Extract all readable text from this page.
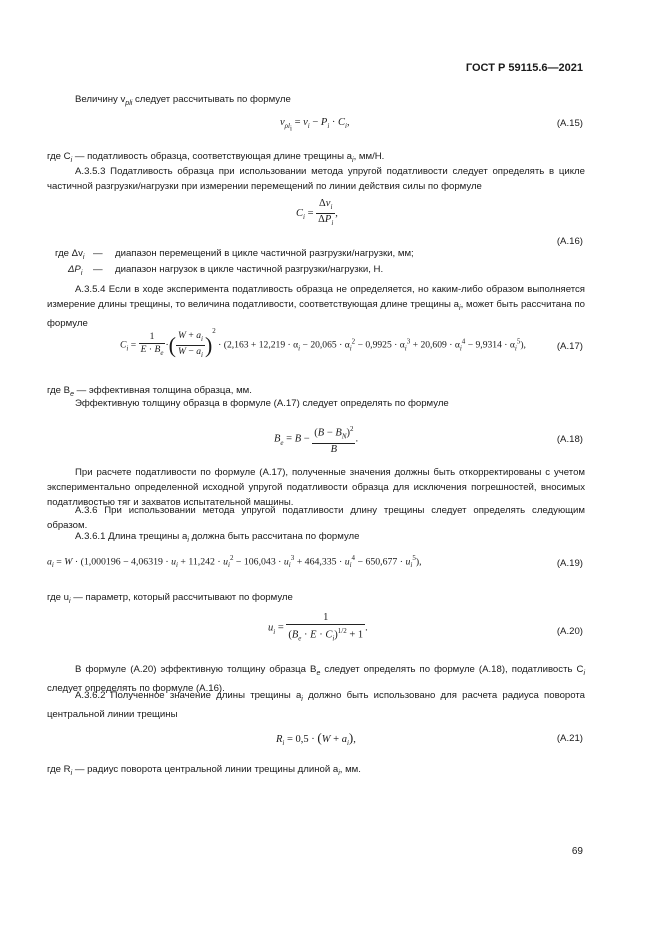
ГОСТ Р 59115.6—2021
Величину $v_{pli}$ следует рассчитывать по формуле
$v_{\rho l_i} = v_i - P_i \cdot C_i$,	(А.15)
где $C_i$ — податливость образца, соответствующая длине трещины $a_i$, мм/Н.
А.3.5.3 Податливость образца при использовании метода упругой податливости следует определять в цикле частичной разгрузки/нагрузки при измерении перемещений по линии действия силы по формуле
$C_i = \frac{\Delta v_i}{\Delta P_i}$ ,
(А.16)
где $\Delta v_i$ — диапазон перемещений в цикле частичной разгрузки/нагрузки, мм;
$\Delta P_i$ — диапазон нагрузок в цикле частичной разгрузки/нагрузки, Н.
А.3.5.4 Если в ходе эксперимента податливость образца не определяется, но каким-либо образом выполняется измерение длины трещины, то величина податливости, соответствующая длине трещины $a_i$, может быть рассчитана по формуле
$C_i = \frac{1}{E \cdot B_e}$ ·( $\frac{W + a_i}{W - a_i} )^2 \cdot (2,163 + 12,219 \cdot \alpha_i - 20,065 \cdot \alpha_i^2 - 0,9925 \cdot \alpha_i^3 + 20,609 \cdot \alpha_i^4 - 9,9314 \cdot \alpha_i^5)$,	(А.17)
где $B_e$ — эффективная толщина образца, мм.
Эффективную толщину образца в формуле (А.17) следует определять по формуле
$B_e = B - \frac{(B - B_N)^2}{B}$ .	(А.18)
При расчете податливости по формуле (А.17), полученные значения должны быть откорректированы с учетом экспериментально определенной исходной упругой податливости образца для исключения погрешностей, вносимых податливостью тяг и захватов испытательной машины.
А.3.6 При использовании метода упругой податливости длину трещины следует определять следующим образом.
А.3.6.1 Длина трещины $a_i$ должна быть рассчитана по формуле
$a_i = W \cdot (1,000196 - 4,06319 \cdot u_i + 11,242 \cdot u_i^2 - 106,043 \cdot u_i^3 + 464,335 \cdot u_i^4 - 650,677 \cdot u_i^5)$,	(А.19)
где $u_i$ — параметр, который рассчитывают по формуле
$u_i = \frac{1}{(B_e \cdot E \cdot C_i)^{1/2} + 1}$ .	(А.20)
В формуле (А.20) эффективную толщину образца $B_e$ следует определять по формуле (А.18), податливость $C_i$ следует определять по формуле (А.16).
А.3.6.2 Полученное значение длины трещины $a_i$ должно быть использовано для расчета радиуса поворота центральной линии трещины
$R_i = 0,5 \cdot (W + a_i)$,	(А.21)
где $R_i$ — радиус поворота центральной линии трещины длиной $a_i$, мм.
69
